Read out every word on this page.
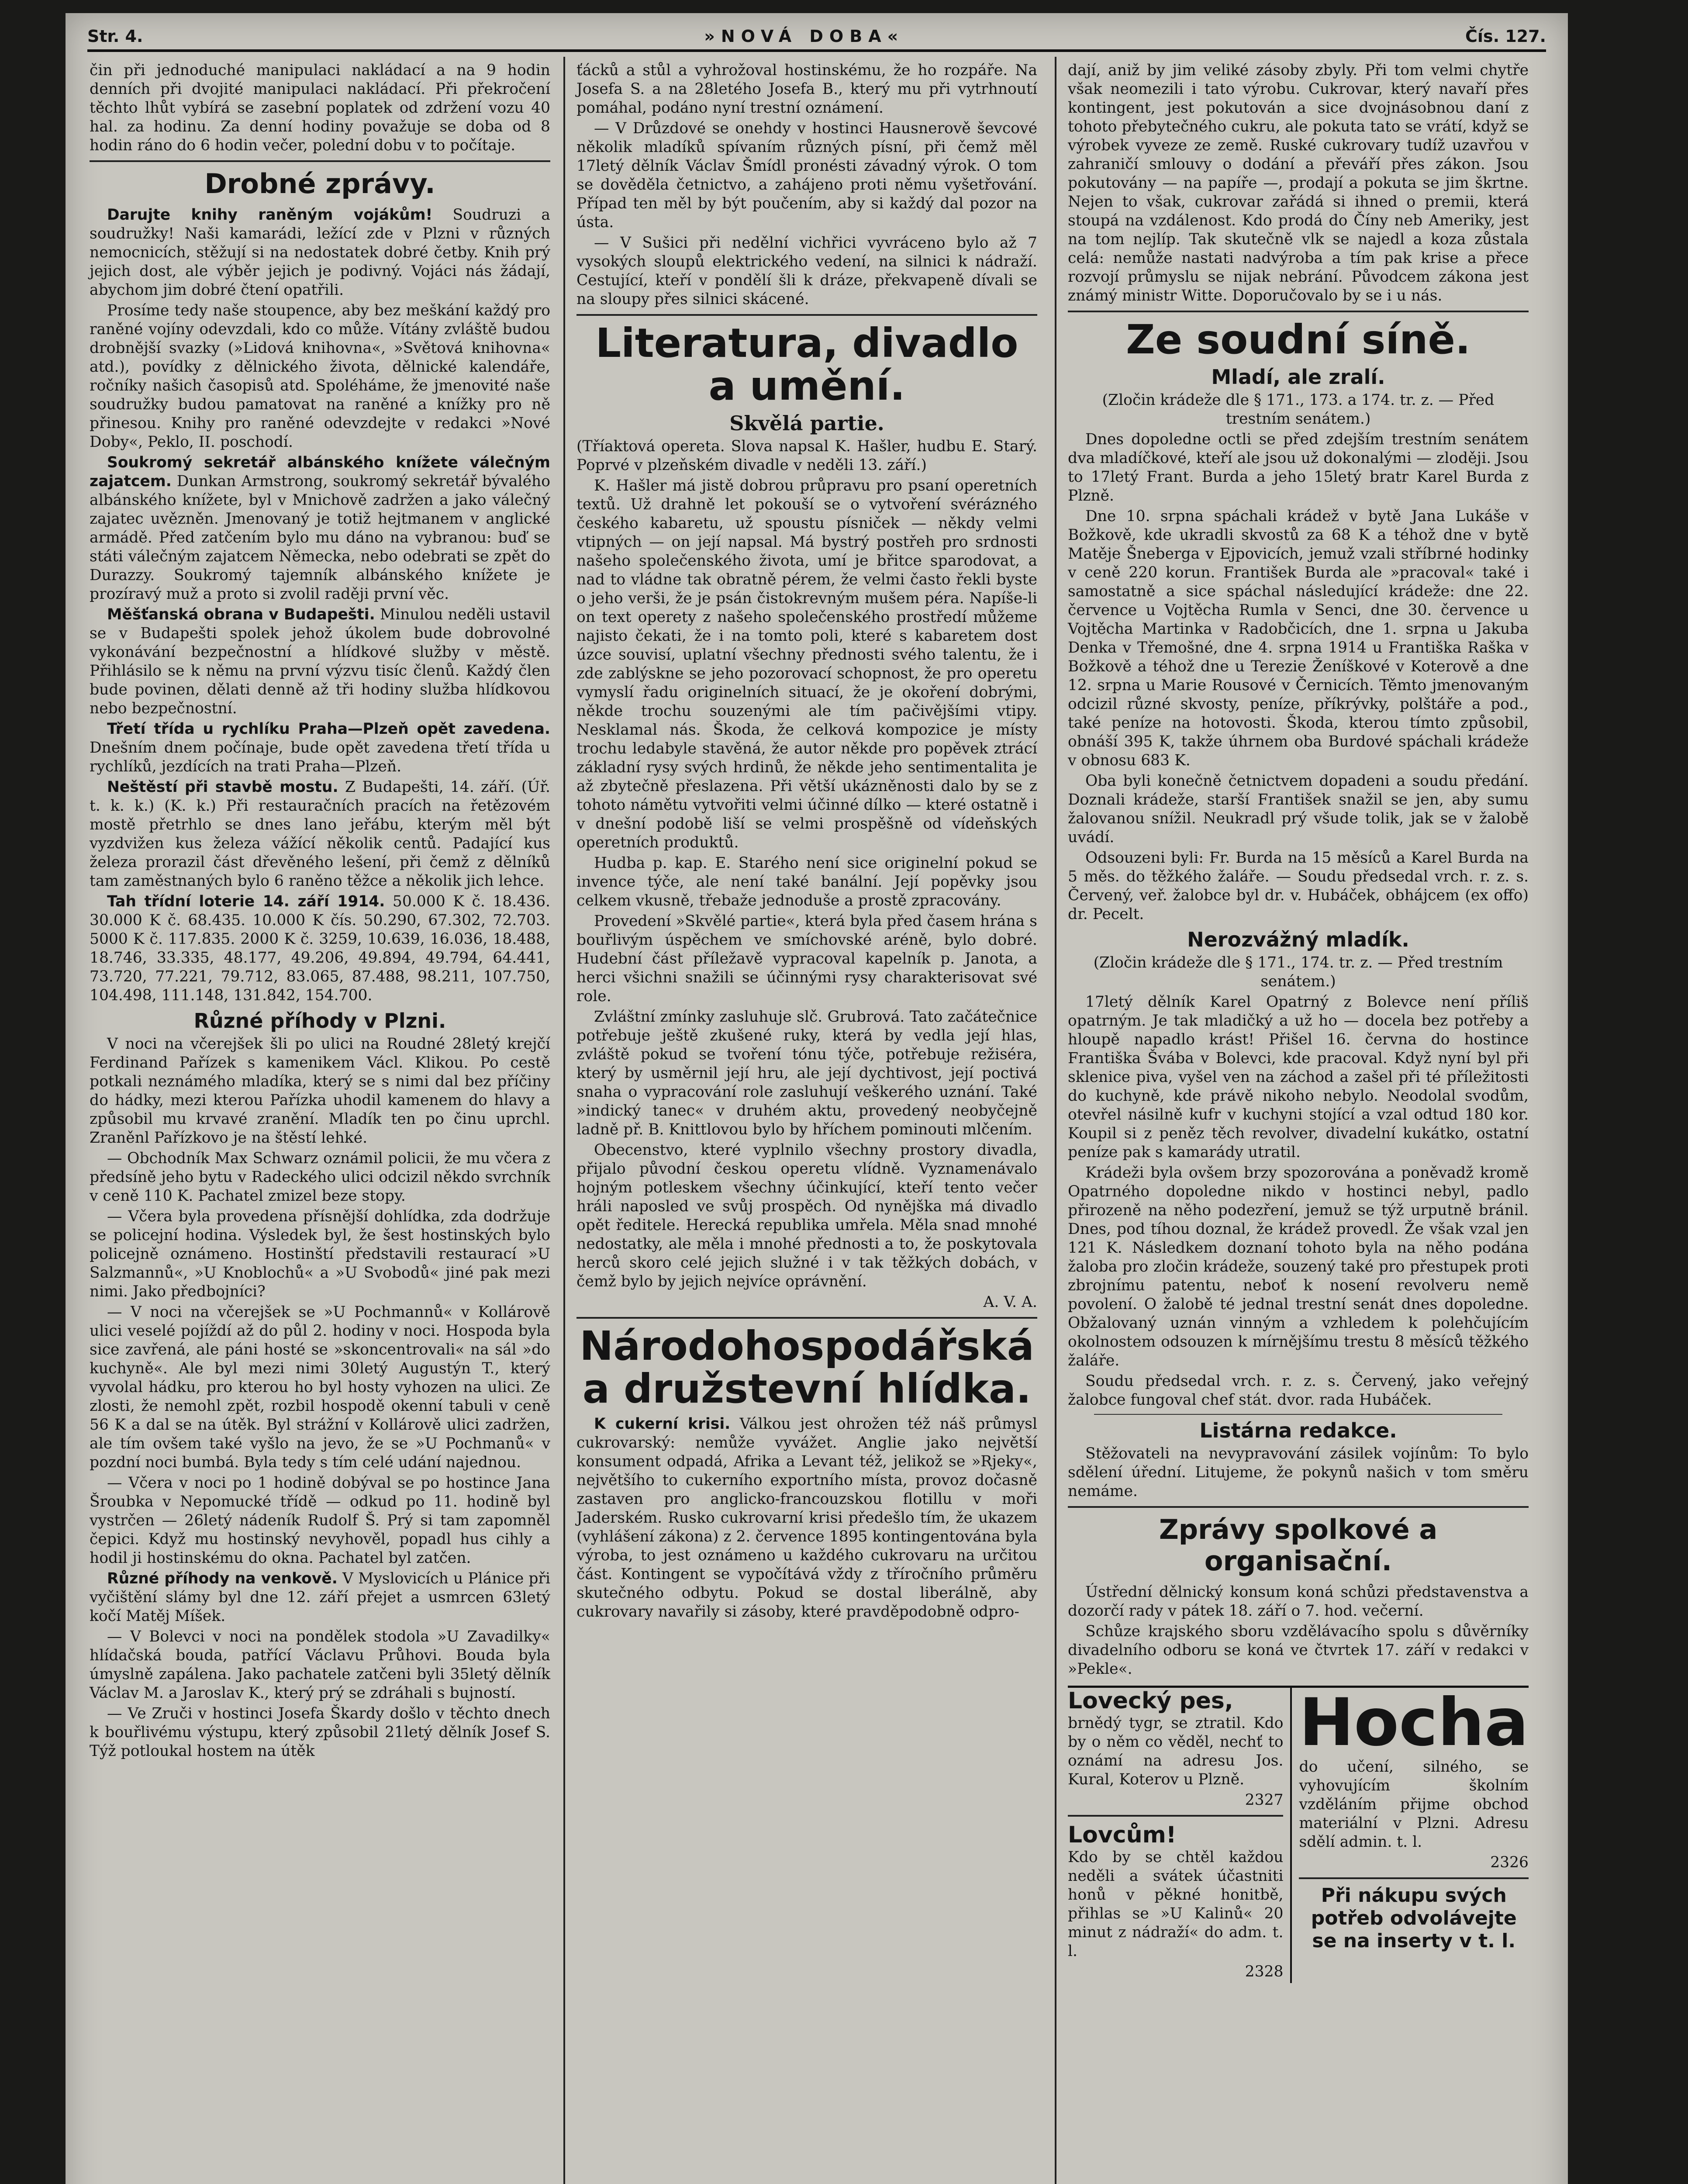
Str. 4.	»NOVÁ DOBA«	Čís. 127.

čin při jednoduché manipulaci nakládací a na 9 hodin denních při dvojité manipulaci nakládací. Při překročení těchto lhůt vybírá se zasební poplatek od zdržení vozu 40 hal. za hodinu. Za denní hodiny považuje se doba od 8 hodin ráno do 6 hodin večer, polední dobu v to počítaje.

Drobné zprávy.

Darujte knihy raněným vojákům! Soudruzi a soudružky! Naši kamarádi, ležící zde v Plzni v různých nemocnicích, stěžují si na nedostatek dobré četby. Knih prý jejich dost, ale výběr jejich je podivný. Vojáci nás žádají, abychom jim dobré čtení opatřili.

Prosíme tedy naše stoupence, aby bez meškání každý pro raněné vojíny odevzdali, kdo co může. Vítány zvláště budou drobnější svazky (»Lidová knihovna«, »Světová knihovna« atd.), povídky z dělnického života, dělnické kalendáře, ročníky našich časopisů atd. Spoléháme, že jmenovité naše soudružky budou pamatovat na raněné a knížky pro ně přinesou. Knihy pro raněné odevzdejte v redakci »Nové Doby«, Peklo, II. poschodí.

Soukromý sekretář albánského knížete válečným zajatcem. Dunkan Armstrong, soukromý sekretář bývalého albánského knížete, byl v Mnichově zadržen a jako válečný zajatec uvězněn. Jmenovaný je totiž hejtmanem v anglické armádě. Před zatčením bylo mu dáno na vybranou: buď se státi válečným zajatcem Německa, nebo odebrati se zpět do Durazzy. Soukromý tajemník albánského knížete je prozíravý muž a proto si zvolil raději první věc.

Měšťanská obrana v Budapešti. Minulou neděli ustavil se v Budapešti spolek jehož úkolem bude dobrovolné vykonávání bezpečnostní a hlídkové služby v městě. Přihlásilo se k němu na první výzvu tisíc členů. Každý člen bude povinen, dělati denně až tři hodiny služba hlídkovou nebo bezpečnostní.

Třetí třída u rychlíku Praha—Plzeň opět zavedena. Dnešním dnem počínaje, bude opět zavedena třetí třída u rychlíků, jezdících na trati Praha—Plzeň.

Neštěstí při stavbě mostu. Z Budapešti, 14. září. (Úř. t. k. k.) (K. k.) Při restauračních pracích na řetězovém mostě přetrhlo se dnes lano jeřábu, kterým měl být vyzdvižen kus železa vážící několik centů. Padající kus železa prorazil část dřevěného lešení, při čemž z dělníků tam zaměstnaných bylo 6 raněno těžce a několik jich lehce.

Tah třídní loterie 14. září 1914. 50.000 K č. 18.436. 30.000 K č. 68.435. 10.000 K čís. 50.290, 67.302, 72.703. 5000 K č. 117.835. 2000 K č. 3259, 10.639, 16.036, 18.488, 18.746, 33.335, 48.177, 49.206, 49.894, 49.794, 64.441, 73.720, 77.221, 79.712, 83.065, 87.488, 98.211, 107.750, 104.498, 111.148, 131.842, 154.700.

Různé příhody v Plzni.

V noci na včerejšek šli po ulici na Roudné 28letý krejčí Ferdinand Pařízek s kamenikem Václ. Klikou. Po cestě potkali neznámého mladíka, který se s nimi dal bez příčiny do hádky, mezi kterou Pařízka uhodil kamenem do hlavy a způsobil mu krvavé zranění. Mladík ten po činu uprchl. Zraněnl Pařízkovo je na štěstí lehké.

— Obchodník Max Schwarz oznámil policii, že mu včera z předsíně jeho bytu v Radeckého ulici odcizil někdo svrchník v ceně 110 K. Pachatel zmizel beze stopy.

— Včera byla provedena přísnější dohlídka, zda dodržuje se policejní hodina. Výsledek byl, že šest hostinských bylo policejně oznámeno. Hostinští představili restaurací »U Salzmannů«, »U Knoblochů« a »U Svobodů« jiné pak mezi nimi. Jako předbojníci?

— V noci na včerejšek se »U Pochmannů« v Kollárově ulici veselé pojíždí až do půl 2. hodiny v noci. Hospoda byla sice zavřená, ale páni hosté se »skoncentrovali« na sál »do kuchyně«. Ale byl mezi nimi 30letý Augustýn T., který vyvolal hádku, pro kterou ho byl hosty vyhozen na ulici. Ze zlosti, že nemohl zpět, rozbil hospodě okenní tabuli v ceně 56 K a dal se na útěk. Byl strážní v Kollárově ulici zadržen, ale tím ovšem také vyšlo na jevo, že se »U Pochmanů« v pozdní noci bumbá. Byla tedy s tím celé udání najednou.

— Včera v noci po 1 hodině dobýval se po hostince Jana Šroubka v Nepomucké třídě — odkud po 11. hodině byl vystrčen — 26letý nádeník Rudolf Š. Prý si tam zapomněl čepici. Když mu hostinský nevyhověl, popadl hus cihly a hodil ji hostinskému do okna. Pachatel byl zatčen.

Různé příhody na venkově. V Myslovicích u Plánice při vyčištění slámy byl dne 12. září přejet a usmrcen 63letý kočí Matěj Míšek.

— V Bolevci v noci na pondělek stodola »U Zavadilky« hlídačská bouda, patřící Václavu Průhovi. Bouda byla úmyslně zapálena. Jako pachatele zatčeni byli 35letý dělník Václav M. a Jaroslav K., který prý se zdráhali s bujností.

— Ve Zruči v hostinci Josefa Škardy došlo v těchto dnech k bouřlivému výstupu, který způsobil 21letý dělník Josef S. Týž potloukal hostem na útěk

ťácků a stůl a vyhrožoval hostinskému, že ho rozpáře. Na Josefa S. a na 28letého Josefa B., který mu při vytrhnoutí pomáhal, podáno nyní trestní oznámení.

— V Drůzdové se onehdy v hostinci Hausnerově ševcové několik mladíků spívaním různých písní, při čemž měl 17letý dělník Václav Šmídl pronésti závadný výrok. O tom se dověděla četnictvo, a zahájeno proti němu vyšetřování. Případ ten měl by být poučením, aby si každý dal pozor na ústa.

— V Sušici při nedělní vichřici vyvráceno bylo až 7 vysokých sloupů elektrického vedení, na silnici k nádraží. Cestující, kteří v pondělí šli k dráze, překvapeně dívali se na sloupy přes silnici skácené.

Literatura, divadlo a umění.
Skvělá partie.

(Tříaktová opereta. Slova napsal K. Hašler, hudbu E. Starý. Poprvé v plzeňském divadle v neděli 13. září.)

K. Hašler má jistě dobrou průpravu pro psaní operetních textů. Už drahně let pokouší se o vytvoření svérázného českého kabaretu, už spoustu písniček — někdy velmi vtipných — on její napsal. Má bystrý postřeh pro srdnosti našeho společenského života, umí je břitce sparodovat, a nad to vládne tak obratně pérem, že velmi často řekli byste o jeho verši, že je psán čistokrevným mušem péra. Napíše-li on text operety z našeho společenského prostředí můžeme najisto čekati, že i na tomto poli, které s kabaretem dost úzce souvisí, uplatní všechny přednosti svého talentu, že i zde zablýskne se jeho pozorovací schopnost, že pro operetu vymyslí řadu originelních situací, že je okoření dobrými, někde trochu souzenými ale tím pačivějšími vtipy. Nesklamal nás. Škoda, že celková kompozice je místy trochu ledabyle stavěná, že autor někde pro popěvek ztrácí základní rysy svých hrdinů, že někde jeho sentimentalita je až zbytečně přeslazena. Při větší ukázněnosti dalo by se z tohoto námětu vytvořiti velmi účinné dílko — které ostatně i v dnešní podobě liší se velmi prospěšně od vídeňských operetních produktů.

Hudba p. kap. E. Starého není sice originelní pokud se invence týče, ale není také banální. Její popěvky jsou celkem vkusně, třebaže jednoduše a prostě zpracovány.

Provedení »Skvělé partie«, která byla před časem hrána s bouřlivým úspěchem ve smíchovské aréně, bylo dobré. Hudební část příležavě vypracoval kapelník p. Janota, a herci všichni snažili se účinnými rysy charakterisovat své role.

Zvláštní zmínky zasluhuje slč. Grubrová. Tato začátečnice potřebuje ještě zkušené ruky, která by vedla její hlas, zvláště pokud se tvoření tónu týče, potřebuje režiséra, který by usměrnil její hru, ale její dychtivost, její poctivá snaha o vypracování role zasluhují veškerého uznání. Také »indický tanec« v druhém aktu, provedený neobyčejně ladně př. B. Knittlovou bylo by hříchem pominouti mlčením.

Obecenstvo, které vyplnilo všechny prostory divadla, přijalo původní českou operetu vlídně. Vyznamenávalo hojným potleskem všechny účinkující, kteří tento večer hráli naposled ve svůj prospěch. Od nynějška má divadlo opět ředitele. Herecká republika umřela. Měla snad mnohé nedostatky, ale měla i mnohé přednosti a to, že poskytovala herců skoro celé jejich služné i v tak těžkých dobách, v čemž bylo by jejich nejvíce oprávnění.

A. V. A.

Národohospodářská a družstevní hlídka.

K cukerní krisi. Válkou jest ohrožen též náš průmysl cukrovarský: nemůže vyvážet. Anglie jako největší konsument odpadá, Afrika a Levant též, jelikož se »Rjeky«, největšího to cukerního exportního místa, provoz dočasně zastaven pro anglicko-francouzskou flotillu v moři Jaderském. Rusko cukrovarní krisi předešlo tím, že ukazem (vyhlášení zákona) z 2. července 1895 kontingentována byla výroba, to jest oznámeno u každého cukrovaru na určitou část. Kontingent se vypočítává vždy z tříročního průměru skutečného odbytu. Pokud se dostal liberálně, aby cukrovary navařily si zásoby, které pravděpodobně odpro-

dají, aniž by jim veliké zásoby zbyly. Při tom velmi chytře však neomezili i tato výrobu. Cukrovar, který navaří přes kontingent, jest pokutován a sice dvojnásobnou daní z tohoto přebytečného cukru, ale pokuta tato se vrátí, když se výrobek vyveze ze země. Ruské cukrovary tudíž uzavřou v zahraničí smlouvy o dodání a převáří přes zákon. Jsou pokutovány — na papíře —, prodají a pokuta se jim škrtne. Nejen to však, cukrovar zařádá si ihned o premii, která stoupá na vzdálenost. Kdo prodá do Číny neb Ameriky, jest na tom nejlíp. Tak skutečně vlk se najedl a koza zůstala celá: nemůže nastati nadvýroba a tím pak krise a přece rozvojí průmyslu se nijak nebrání. Původcem zákona jest známý ministr Witte. Doporučovalo by se i u nás.

Ze soudní síně.
Mladí, ale zralí.

(Zločin krádeže dle § 171., 173. a 174. tr. z. — Před trestním senátem.)

Dnes dopoledne octli se před zdejším trestním senátem dva mladíčkové, kteří ale jsou už dokonalými — zloději. Jsou to 17letý Frant. Burda a jeho 15letý bratr Karel Burda z Plzně.

Dne 10. srpna spáchali krádež v bytě Jana Lukáše v Božkově, kde ukradli skvostů za 68 K a téhož dne v bytě Matěje Šneberga v Ejpovicích, jemuž vzali stříbrné hodinky v ceně 220 korun. František Burda ale »pracoval« také i samostatně a sice spáchal následující krádeže: dne 22. července u Vojtěcha Rumla v Senci, dne 30. července u Vojtěcha Martinka v Radobčicích, dne 1. srpna u Jakuba Denka v Třemošné, dne 4. srpna 1914 u Františka Raška v Božkově a téhož dne u Terezie Ženíškové v Koterově a dne 12. srpna u Marie Rousové v Černicích. Těmto jmenovaným odcizil různé skvosty, peníze, příkrývky, polštáře a pod., také peníze na hotovosti. Škoda, kterou tímto způsobil, obnáší 395 K, takže úhrnem oba Burdové spáchali krádeže v obnosu 683 K.

Oba byli konečně četnictvem dopadeni a soudu předání. Doznali krádeže, starší František snažil se jen, aby sumu žalovanou snížil. Neukradl prý všude tolik, jak se v žalobě uvádí.

Odsouzeni byli: Fr. Burda na 15 měsíců a Karel Burda na 5 měs. do těžkého žaláře. — Soudu předsedal vrch. r. z. s. Červený, veř. žalobce byl dr. v. Hubáček, obhájcem (ex offo) dr. Pecelt.

Nerozvážný mladík.

(Zločin krádeže dle § 171., 174. tr. z. — Před trestním senátem.)

17letý dělník Karel Opatrný z Bolevce není příliš opatrným. Je tak mladičký a už ho — docela bez potřeby a hloupě napadlo krást! Přišel 16. června do hostince Františka Švába v Bolevci, kde pracoval. Když nyní byl při sklenice piva, vyšel ven na záchod a zašel při té příležitosti do kuchyně, kde právě nikoho nebylo. Neodolal svodům, otevřel násilně kufr v kuchyni stojící a vzal odtud 180 kor. Koupil si z peněz těch revolver, divadelní kukátko, ostatní peníze pak s kamarády utratil.

Krádeži byla ovšem brzy spozorována a poněvadž kromě Opatrného dopoledne nikdo v hostinci nebyl, padlo přirozeně na něho podezření, jemuž se týž urputně bránil. Dnes, pod tíhou doznal, že krádež provedl. Že však vzal jen 121 K. Následkem doznaní tohoto byla na něho podána žaloba pro zločin krádeže, souzený také pro přestupek proti zbrojnímu patentu, neboť k nosení revolveru nemě povolení. O žalobě té jednal trestní senát dnes dopoledne. Obžalovaný uznán vinným a vzhledem k polehčujícím okolnostem odsouzen k mírnějšímu trestu 8 měsíců těžkého žaláře.

Soudu předsedal vrch. r. z. s. Červený, jako veřejný žalobce fungoval chef stát. dvor. rada Hubáček.

Listárna redakce.

Stěžovateli na nevypravování zásilek vojínům: To bylo sdělení úřední. Litujeme, že pokynů našich v tom směru nemáme.

Zprávy spolkové a organisační.

Ústřední dělnický konsum koná schůzi představenstva a dozorčí rady v pátek 18. září o 7. hod. večerní.

Schůze krajského sboru vzdělávacího spolu s důvěrníky divadelního odboru se koná ve čtvrtek 17. září v redakci v »Pekle«.

Lovecký pes,

brnědý tygr, se ztratil. Kdo by o něm co věděl, nechť to oznámí na adresu Jos. Kural, Koterov u Plzně.

2327

Lovcům!

Kdo by se chtěl každou neděli a svátek účastniti honů v pěkné honitbě, přihlas se »U Kalinů« 20 minut z nádraží« do adm. t. l.

2328

Hocha

do učení, silného, se vyhovujícím školním vzděláním přijme obchod materiální v Plzni. Adresu sdělí admin. t. l.

2326

Při nákupu svých potřeb odvolávejte se na inserty v t. l.
